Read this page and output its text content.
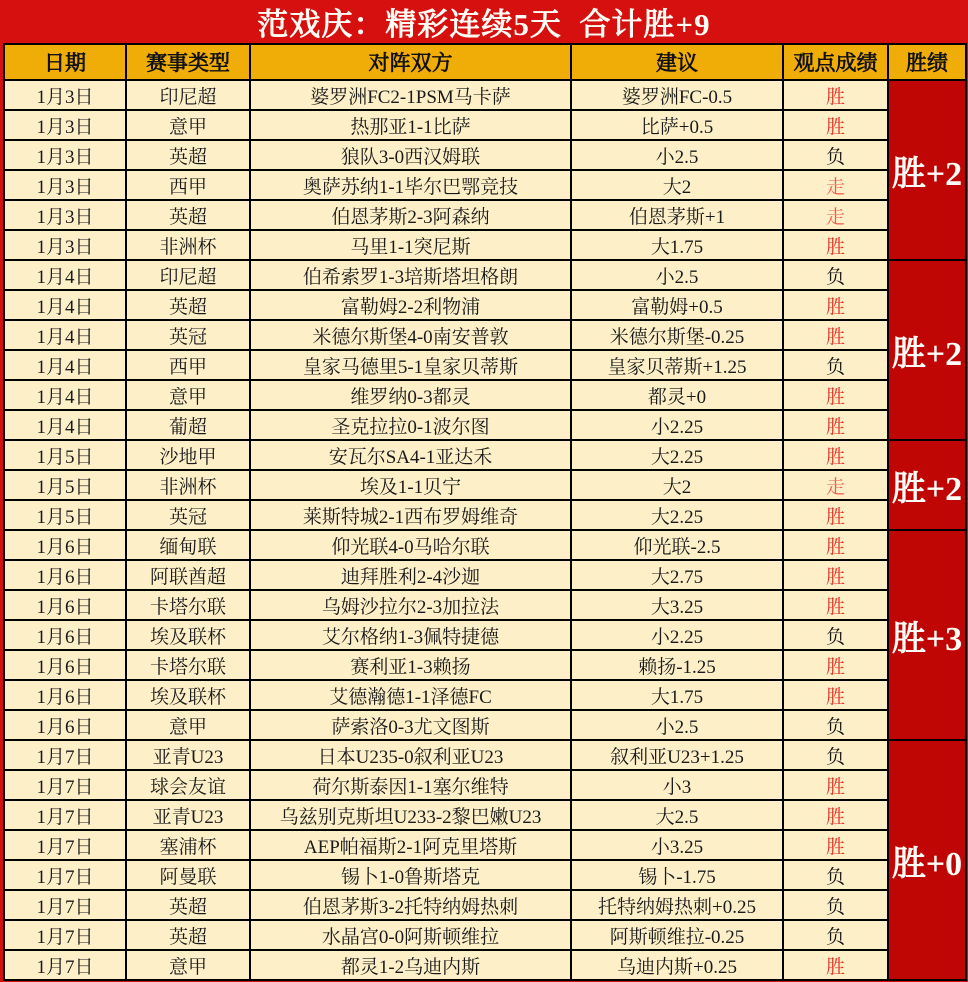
范戏庆：精彩连续5天  合计胜+9
日期	赛事类型	对阵双方	建议	观点成绩	胜绩
1月3日	印尼超	婆罗洲FC2-1PSM马卡萨	婆罗洲FC-0.5	胜	胜+2
1月3日	意甲	热那亚1-1比萨	比萨+0.5	胜	
1月3日	英超	狼队3-0西汉姆联	小2.5	负	
1月3日	西甲	奥萨苏纳1-1毕尔巴鄂竞技	大2	走	
1月3日	英超	伯恩茅斯2-3阿森纳	伯恩茅斯+1	走	
1月3日	非洲杯	马里1-1突尼斯	大1.75	胜	
1月4日	印尼超	伯希索罗1-3培斯塔坦格朗	小2.5	负	胜+2
1月4日	英超	富勒姆2-2利物浦	富勒姆+0.5	胜	
1月4日	英冠	米德尔斯堡4-0南安普敦	米德尔斯堡-0.25	胜	
1月4日	西甲	皇家马德里5-1皇家贝蒂斯	皇家贝蒂斯+1.25	负	
1月4日	意甲	维罗纳0-3都灵	都灵+0	胜	
1月4日	葡超	圣克拉拉0-1波尔图	小2.25	胜	
1月5日	沙地甲	安瓦尔SA4-1亚达禾	大2.25	胜	胜+2
1月5日	非洲杯	埃及1-1贝宁	大2	走	
1月5日	英冠	莱斯特城2-1西布罗姆维奇	大2.25	胜	
1月6日	缅甸联	仰光联4-0马哈尔联	仰光联-2.5	胜	胜+3
1月6日	阿联酋超	迪拜胜利2-4沙迦	大2.75	胜	
1月6日	卡塔尔联	乌姆沙拉尔2-3加拉法	大3.25	胜	
1月6日	埃及联杯	艾尔格纳1-3佩特捷德	小2.25	负	
1月6日	卡塔尔联	赛利亚1-3赖扬	赖扬-1.25	胜	
1月6日	埃及联杯	艾德瀚德1-1泽德FC	大1.75	胜	
1月6日	意甲	萨索洛0-3尤文图斯	小2.5	负	
1月7日	亚青U23	日本U235-0叙利亚U23	叙利亚U23+1.25	负	胜+0
1月7日	球会友谊	荷尔斯泰因1-1塞尔维特	小3	胜	
1月7日	亚青U23	乌兹别克斯坦U233-2黎巴嫩U23	大2.5	胜	
1月7日	塞浦杯	AEP帕福斯2-1阿克里塔斯	小3.25	胜	
1月7日	阿曼联	锡卜1-0鲁斯塔克	锡卜-1.75	负	
1月7日	英超	伯恩茅斯3-2托特纳姆热刺	托特纳姆热刺+0.25	负	
1月7日	英超	水晶宫0-0阿斯顿维拉	阿斯顿维拉-0.25	负	
1月7日	意甲	都灵1-2乌迪内斯	乌迪内斯+0.25	胜	
